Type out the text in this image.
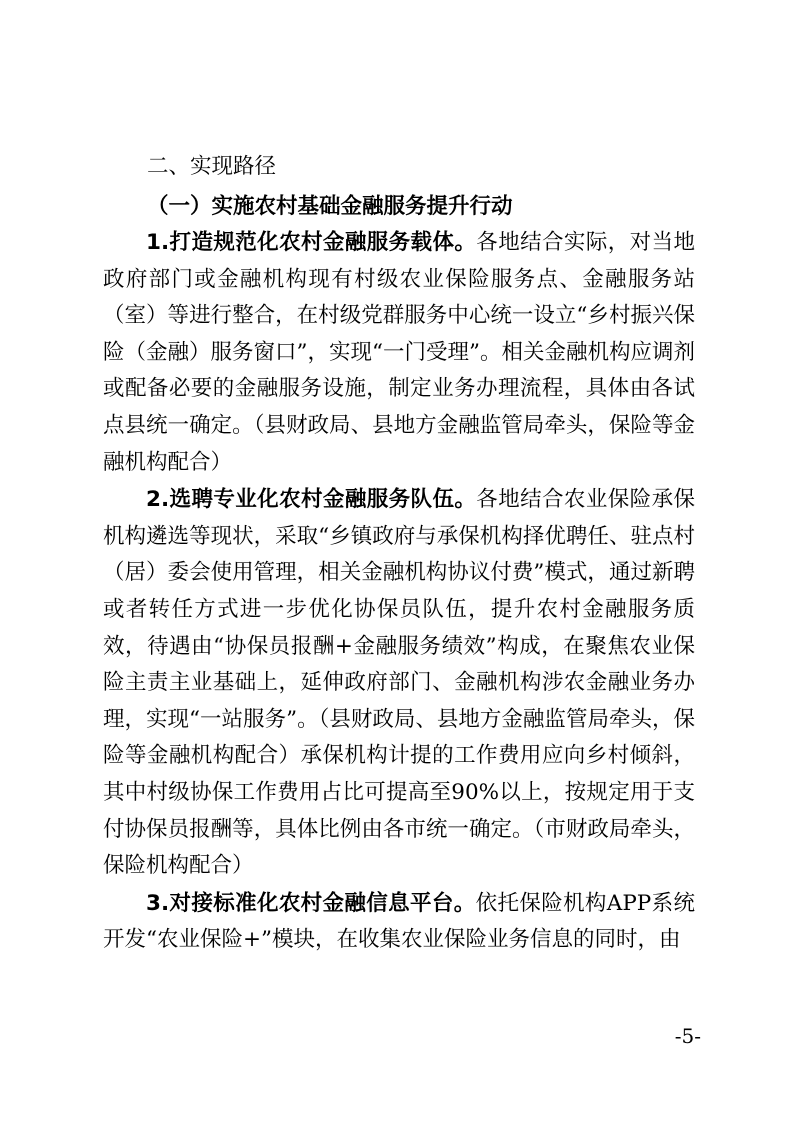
二、实现路径
（一）实施农村基础金融服务提升行动

1.打造规范化农村金融服务载体。各地结合实际，对当地政府部门或金融机构现有村级农业保险服务点、金融服务站（室）等进行整合，在村级党群服务中心统一设立“乡村振兴保险（金融）服务窗口”，实现“一门受理”。相关金融机构应调剂或配备必要的金融服务设施，制定业务办理流程，具体由各试点县统一确定。（县财政局、县地方金融监管局牵头，保险等金融机构配合）

2.选聘专业化农村金融服务队伍。各地结合农业保险承保机构遴选等现状，采取“乡镇政府与承保机构择优聘任、驻点村（居）委会使用管理，相关金融机构协议付费”模式，通过新聘或者转任方式进一步优化协保员队伍，提升农村金融服务质效，待遇由“协保员报酬+金融服务绩效”构成，在聚焦农业保险主责主业基础上，延伸政府部门、金融机构涉农金融业务办理，实现“一站服务”。（县财政局、县地方金融监管局牵头，保险等金融机构配合）承保机构计提的工作费用应向乡村倾斜，其中村级协保工作费用占比可提高至90%以上，按规定用于支付协保员报酬等，具体比例由各市统一确定。（市财政局牵头，保险机构配合）

3.对接标准化农村金融信息平台。依托保险机构APP系统开发“农业保险+”模块，在收集农业保险业务信息的同时，由

-5-
